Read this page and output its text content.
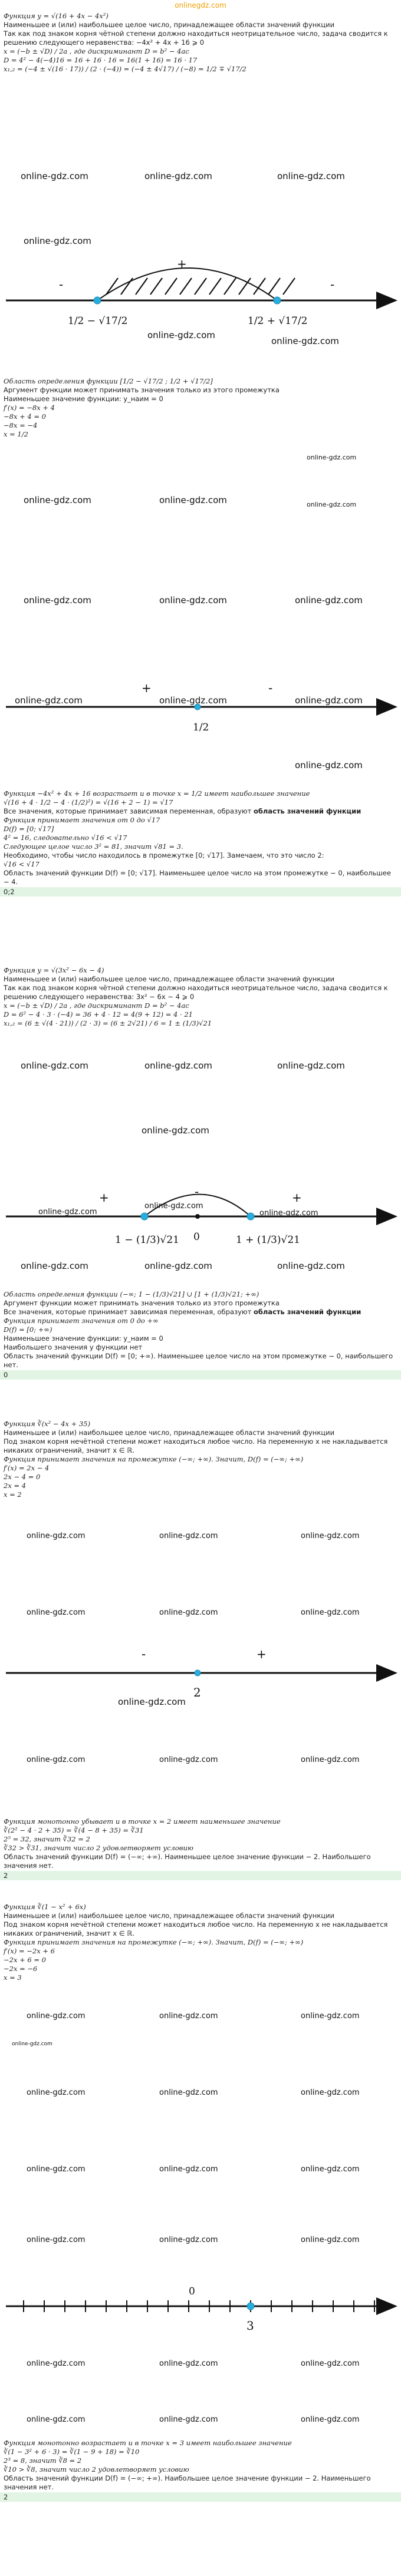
onlinegdz.com

Функция y = √(16 + 4x − 4x²)

Наименьшее и (или) наибольшее целое число, принадлежащее области значений функции

Так как под знаком корня чётной степени должно находиться неотрицательное число, задача сводится к решению следующего неравенства: −4x² + 4x + 16 ⩾ 0

x = (−b ± √D) / 2a , где дискриминант D = b² − 4ac

D = 4² − 4(−4)16 = 16 + 16 · 16 = 16(1 + 16) = 16 · 17

x₁,₂ = (−4 ± √(16 · 17)) / (2 · (−4)) = (−4 ± 4√17) / (−8) = 1/2 ∓ √17/2

-
+
-
1/2 − √17/2	1/2 + √17/2
online-gdz.com	online-gdz.com	online-gdz.com
online-gdz.com
online-gdz.com
online-gdz.com

Область определения функции [1/2 − √17/2 ; 1/2 + √17/2]

Аргумент функции может принимать значения только из этого промежутка

Наименьшее значение функции: y_наим = 0

f′(x) = −8x + 4

−8x + 4 = 0

−8x = −4

x = 1/2

+	-
1/2
online-gdz.com
online-gdz.com	online-gdz.com	online-gdz.com
online-gdz.com	online-gdz.com	online-gdz.com
online-gdz.com	online-gdz.com	online-gdz.com
online-gdz.com

Функция −4x² + 4x + 16 возрастает и в точке x = 1/2 имеет наибольшее значение

√(16 + 4 · 1/2 − 4 · (1/2)²) = √(16 + 2 − 1) = √17

Все значения, которые принимает зависимая переменная, образуют область значений функции

Функция принимает значения от 0 до √17

D(f) = [0; √17]

4² = 16, следовательно √16 < √17

Следующее целое число 3² = 81, значит √81 = 3.

Необходимо, чтобы число находилось в промежутке [0; √17]. Замечаем, что это число 2:

√16 < √17

Область значений функции D(f) = [0; √17]. Наименьшее целое число на этом промежутке − 0, наибольшее − 4.

0;2

Функция y = √(3x² − 6x − 4)

Наименьшее и (или) наибольшее целое число, принадлежащее области значений функции

Так как под знаком корня чётной степени должно находиться неотрицательное число, задача сводится к решению следующего неравенства: 3x² − 6x − 4 ⩾ 0

x = (−b ± √D) / 2a , где дискриминант D = b² − 4ac

D = 6² − 4 · 3 · (−4) = 36 + 4 · 12 = 4(9 + 12) = 4 · 21

x₁,₂ = (6 ± √(4 · 21)) / (2 · 3) = (6 ± 2√21) / 6 = 1 ± (1/3)√21

+	-	+
1 − (1/3)√21 0	1 + (1/3)√21
online-gdz.com	online-gdz.com	online-gdz.com
online-gdz.com
online-gdz.com
online-gdz.com
online-gdz.com
online-gdz.com	online-gdz.com	online-gdz.com

Область определения функции (−∞; 1 − (1/3)√21] ∪ [1 + (1/3)√21; +∞)

Аргумент функции может принимать значения только из этого промежутка

Все значения, которые принимает зависимая переменная, образуют область значений функции

Функция принимает значения от 0 до +∞

D(f) = [0; +∞)

Наименьшее значение функции: y_наим = 0

Наибольшего значения у функции нет

Область значений функции D(f) = [0; +∞). Наименьшее целое число на этом промежутке − 0, наибольшего нет.

0

Функция ∛(x² − 4x + 35)

Наименьшее и (или) наибольшее целое число, принадлежащее области значений функции

Под знаком корня нечётной степени может находиться любое число. На переменную x не накладывается никаких ограничений, значит x ∈ ℝ.

Функция принимает значения на промежутке (−∞; +∞). Значит, D(f) = (−∞; +∞)

f′(x) = 2x − 4

2x − 4 = 0

2x = 4

x = 2

-	+
2
online-gdz.com	online-gdz.com	online-gdz.com
online-gdz.com	online-gdz.com	online-gdz.com
online-gdz.com
online-gdz.com	online-gdz.com	online-gdz.com

Функция монотонно убывает и в точке x = 2 имеет наименьшее значение

∛(2² − 4 · 2 + 35) = ∛(4 − 8 + 35) = ∛31

2⁵ = 32, значит ∛32 = 2

∛32 > ∛31, значит число 2 удовлетворяет условию

Область значений функции D(f) = (−∞; +∞). Наименьшее целое значение функции − 2. Наибольшего значения нет.

2

Функция ∛(1 − x² + 6x)

Наименьшее и (или) наибольшее целое число, принадлежащее области значений функции

Под знаком корня нечётной степени может находиться любое число. На переменную x не накладывается никаких ограничений, значит x ∈ ℝ.

Функция принимает значения на промежутке (−∞; +∞). Значит, D(f) = (−∞; +∞)

f′(x) = −2x + 6

−2x + 6 = 0

−2x = −6

x = 3

0
3
online-gdz.com	online-gdz.com	online-gdz.com
online-gdz.com
online-gdz.com	online-gdz.com	online-gdz.com
online-gdz.com	online-gdz.com	online-gdz.com
online-gdz.com	online-gdz.com	online-gdz.com
online-gdz.com	online-gdz.com	online-gdz.com
online-gdz.com	online-gdz.com	online-gdz.com

Функция монотонно возрастает и в точке x = 3 имеет наибольшее значение

∛(1 − 3² + 6 · 3) = ∛(1 − 9 + 18) = ∛10

2³ = 8, значит ∛8 = 2

∛10 > ∛8, значит число 2 удовлетворяет условию

Область значений функции D(f) = (−∞; +∞). Наибольшее целое значение функции − 2. Наименьшего значения нет.

2
